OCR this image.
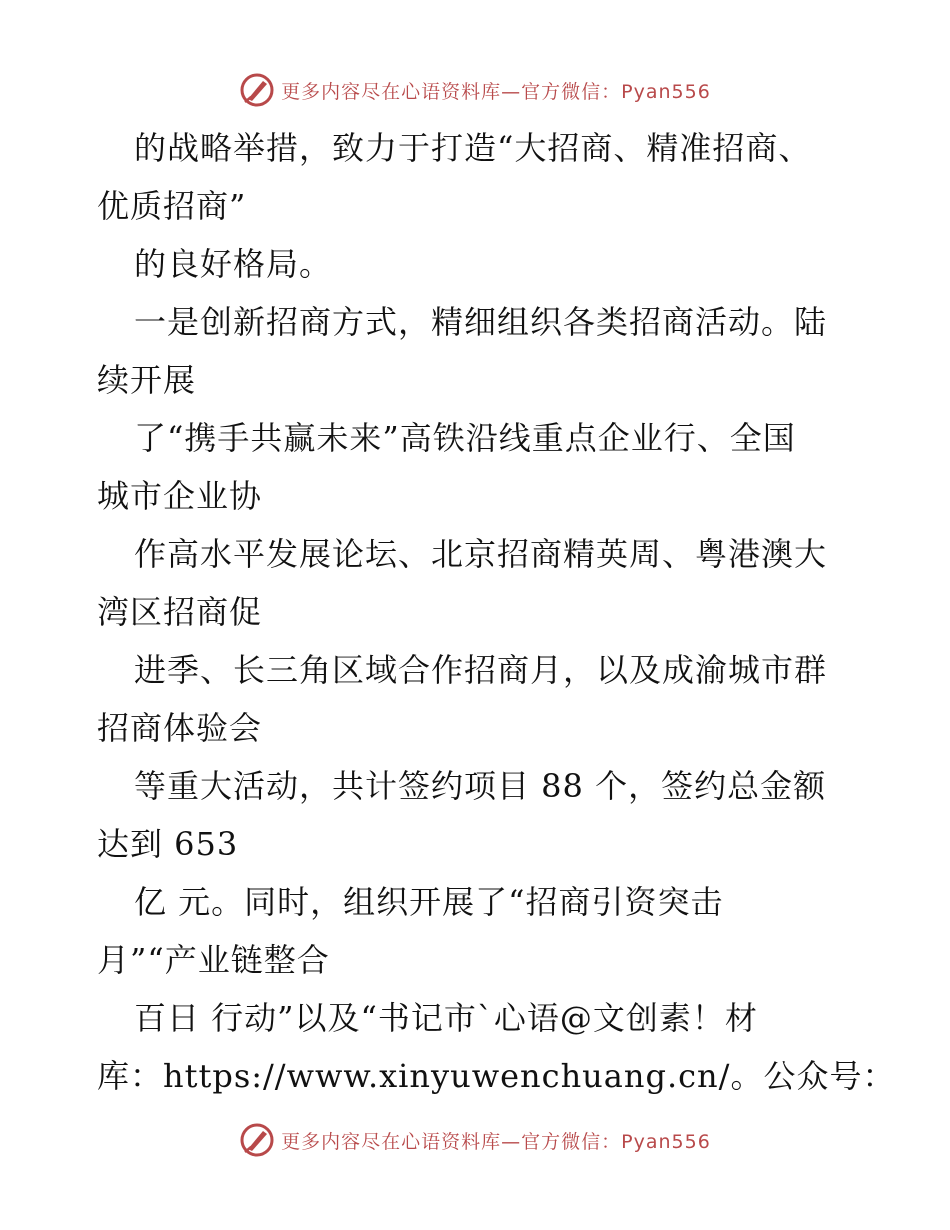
更多内容尽在心语资料库—官方微信：Pyan556
的战略举措，致力于打造“大招商、精准招商、
优质招商”
的良好格局。
一是创新招商方式，精细组织各类招商活动。陆
续开展
了“携手共赢未来”高铁沿线重点企业行、全国
城市企业协
作高水平发展论坛、北京招商精英周、粤港澳大
湾区招商促
进季、长三角区域合作招商月，以及成渝城市群
招商体验会
等重大活动，共计签约项目 88 个，签约总金额
达到 653
亿 元。同时，组织开展了“招商引资突击
月”“产业链整合
百日 行动”以及“书记市`心语@文创素！材
库：https://www.xinyuwenchuang.cn/。公众号：
更多内容尽在心语资料库—官方微信：Pyan556
